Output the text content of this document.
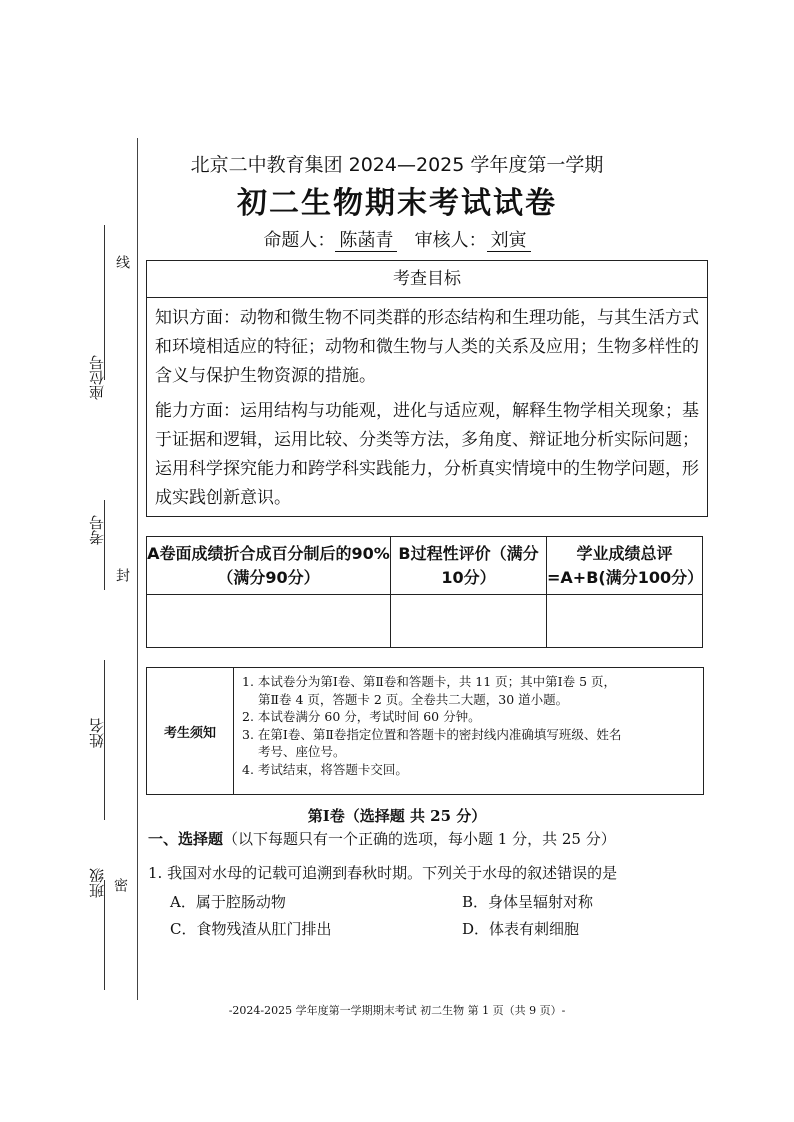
线
座位号
考号
封
姓名
班级 密
北京二中教育集团 2024—2025 学年度第一学期
初二生物期末考试试卷
命题人： 陈菡青 审核人： 刘寅
考查目标
知识方面：动物和微生物不同类群的形态结构和生理功能，与其生活方式和环境相适应的特征；动物和微生物与人类的关系及应用；生物多样性的含义与保护生物资源的措施。
能力方面：运用结构与功能观，进化与适应观，解释生物学相关现象；基于证据和逻辑，运用比较、分类等方法，多角度、辩证地分析实际问题；运用科学探究能力和跨学科实践能力，分析真实情境中的生物学问题，形成实践创新意识。
A卷面成绩折合成百分制后的90%（满分90分）
B过程性评价（满分10分）
学业成绩总评=A+B(满分100分）
考生须知
1. 本试卷分为第Ⅰ卷、第Ⅱ卷和答题卡，共 11 页；其中第Ⅰ卷 5 页，
第Ⅱ卷 4 页，答题卡 2 页。全卷共二大题，30 道小题。
2. 本试卷满分 60 分，考试时间 60 分钟。
3. 在第Ⅰ卷、第Ⅱ卷指定位置和答题卡的密封线内准确填写班级、姓名
考号、座位号。
4. 考试结束，将答题卡交回。
第Ⅰ卷（选择题 共 25 分）
一、选择题（以下每题只有一个正确的选项，每小题 1 分，共 25 分）
1. 我国对水母的记载可追溯到春秋时期。下列关于水母的叙述错误的是
A．属于腔肠动物	B．身体呈辐射对称
C．食物残渣从肛门排出	D．体表有刺细胞
-2024-2025 学年度第一学期期末考试 初二生物 第 1 页（共 9 页）-
